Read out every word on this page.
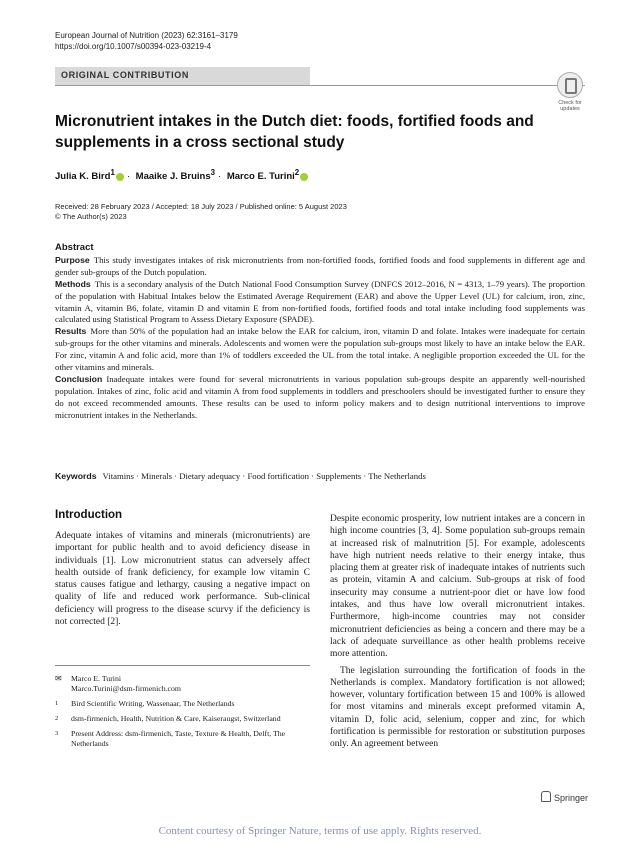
European Journal of Nutrition (2023) 62:3161–3179
https://doi.org/10.1007/s00394-023-03219-4
ORIGINAL CONTRIBUTION
Check for updates
Micronutrient intakes in the Dutch diet: foods, fortified foods and supplements in a cross sectional study
Julia K. Bird$^1$ · Maaike J. Bruins$^3$ · Marco E. Turini$^2$
Received: 28 February 2023 / Accepted: 18 July 2023 / Published online: 5 August 2023
© The Author(s) 2023
Abstract

Purpose This study investigates intakes of risk micronutrients from non-fortified foods, fortified foods and food supplements in different age and gender sub-groups of the Dutch population.

Methods This is a secondary analysis of the Dutch National Food Consumption Survey (DNFCS 2012–2016, N = 4313, 1–79 years). The proportion of the population with Habitual Intakes below the Estimated Average Requirement (EAR) and above the Upper Level (UL) for calcium, iron, zinc, vitamin A, vitamin B6, folate, vitamin D and vitamin E from non-fortified foods, fortified foods and total intake including food supplements was calculated using Statistical Program to Assess Dietary Exposure (SPADE).

Results More than 50% of the population had an intake below the EAR for calcium, iron, vitamin D and folate. Intakes were inadequate for certain sub-groups for the other vitamins and minerals. Adolescents and women were the population sub-groups most likely to have an intake below the EAR. For zinc, vitamin A and folic acid, more than 1% of toddlers exceeded the UL from the total intake. A negligible proportion exceeded the UL for the other vitamins and minerals.

Conclusion Inadequate intakes were found for several micronutrients in various population sub-groups despite an apparently well-nourished population. Intakes of zinc, folic acid and vitamin A from food supplements in toddlers and preschoolers should be investigated further to ensure they do not exceed recommended amounts. These results can be used to inform policy makers and to design nutritional interventions to improve micronutrient intakes in the Netherlands.

Keywords Vitamins · Minerals · Dietary adequacy · Food fortification · Supplements · The Netherlands
Introduction

Adequate intakes of vitamins and minerals (micronutrients) are important for public health and to avoid deficiency disease in individuals [1]. Low micronutrient status can adversely affect health outside of frank deficiency, for example low vitamin C status causes fatigue and lethargy, causing a negative impact on quality of life and reduced work performance. Sub-clinical deficiency will progress to the disease scurvy if the deficiency is not corrected [2].

✉	Marco E. Turini
Marco.Turini@dsm-firmenich.com
1	Bird Scientific Writing, Wassenaar, The Netherlands
2	dsm-firmenich, Health, Nutrition & Care, Kaiseraugst, Switzerland
3	Present Address: dsm-firmenich, Taste, Texture & Health, Delft, The Netherlands

Despite economic prosperity, low nutrient intakes are a concern in high income countries [3, 4]. Some population sub-groups remain at increased risk of malnutrition [5]. For example, adolescents have high nutrient needs relative to their energy intake, thus placing them at greater risk of inadequate intakes of nutrients such as protein, vitamin A and calcium. Sub-groups at risk of food insecurity may consume a nutrient-poor diet or have low food intakes, and thus have low overall micronutrient intakes. Furthermore, high-income countries may not consider micronutrient deficiencies as being a concern and there may be a lack of adequate surveillance as other health problems receive more attention.

The legislation surrounding the fortification of foods in the Netherlands is complex. Mandatory fortification is not allowed; however, voluntary fortification between 15 and 100% is allowed for most vitamins and minerals except preformed vitamin A, vitamin D, folic acid, selenium, copper and zinc, for which fortification is permissible for restoration or substitution purposes only. An agreement between

Springer
Content courtesy of Springer Nature, terms of use apply. Rights reserved.
